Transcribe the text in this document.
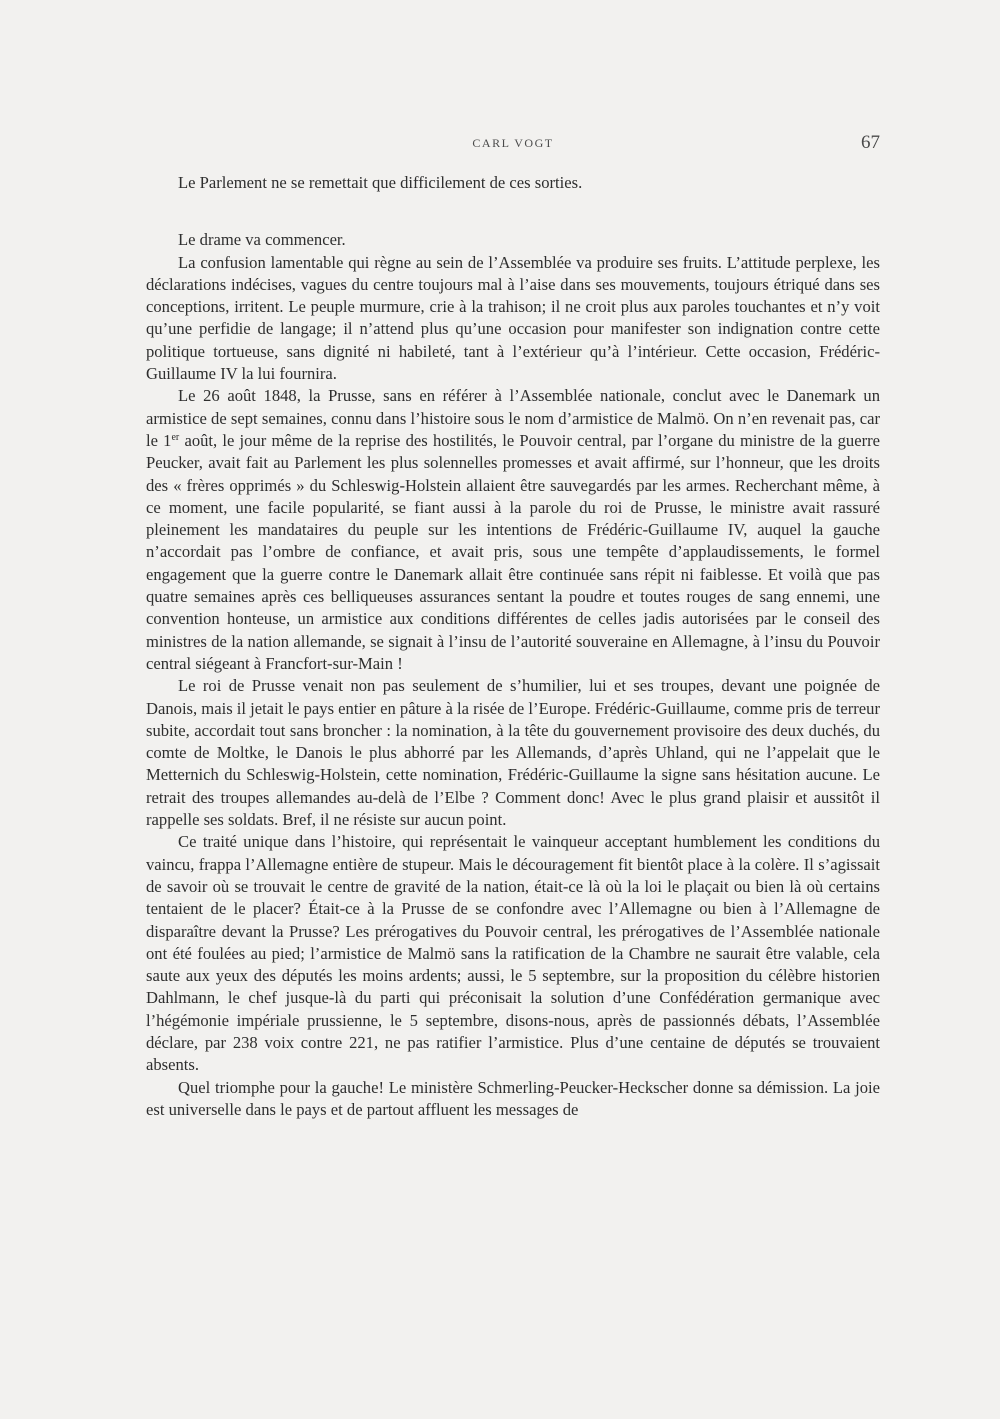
CARL VOGT	67

Le Parlement ne se remettait que difficilement de ces sorties.

Le drame va commencer.

La confusion lamentable qui règne au sein de l’Assemblée va produire ses fruits. L’attitude perplexe, les déclarations indécises, vagues du centre toujours mal à l’aise dans ses mouvements, toujours étriqué dans ses conceptions, irritent. Le peuple murmure, crie à la trahison; il ne croit plus aux paroles touchantes et n’y voit qu’une perfidie de langage; il n’attend plus qu’une occasion pour manifester son indignation contre cette politique tortueuse, sans dignité ni habileté, tant à l’extérieur qu’à l’intérieur. Cette occasion, Frédéric-Guillaume IV la lui fournira.

Le 26 août 1848, la Prusse, sans en référer à l’Assemblée nationale, conclut avec le Danemark un armistice de sept semaines, connu dans l’histoire sous le nom d’armistice de Malmö. On n’en revenait pas, car le 1er août, le jour même de la reprise des hostilités, le Pouvoir central, par l’organe du ministre de la guerre Peucker, avait fait au Parlement les plus solennelles promesses et avait affirmé, sur l’honneur, que les droits des « frères opprimés » du Schleswig-Holstein allaient être sauvegardés par les armes. Recherchant même, à ce moment, une facile popularité, se fiant aussi à la parole du roi de Prusse, le ministre avait rassuré pleinement les mandataires du peuple sur les intentions de Frédéric-Guillaume IV, auquel la gauche n’accordait pas l’ombre de confiance, et avait pris, sous une tempête d’applaudissements, le formel engagement que la guerre contre le Danemark allait être continuée sans répit ni faiblesse. Et voilà que pas quatre semaines après ces belliqueuses assurances sentant la poudre et toutes rouges de sang ennemi, une convention honteuse, un armistice aux conditions différentes de celles jadis autorisées par le conseil des ministres de la nation allemande, se signait à l’insu de l’autorité souveraine en Allemagne, à l’insu du Pouvoir central siégeant à Francfort-sur-Main !

Le roi de Prusse venait non pas seulement de s’humilier, lui et ses troupes, devant une poignée de Danois, mais il jetait le pays entier en pâture à la risée de l’Europe. Frédéric-Guillaume, comme pris de terreur subite, accordait tout sans broncher : la nomination, à la tête du gouvernement provisoire des deux duchés, du comte de Moltke, le Danois le plus abhorré par les Allemands, d’après Uhland, qui ne l’appelait que le Metternich du Schleswig-Holstein, cette nomination, Frédéric-Guillaume la signe sans hésitation aucune. Le retrait des troupes allemandes au-delà de l’Elbe ? Comment donc! Avec le plus grand plaisir et aussitôt il rappelle ses soldats. Bref, il ne résiste sur aucun point.

Ce traité unique dans l’histoire, qui représentait le vainqueur acceptant humblement les conditions du vaincu, frappa l’Allemagne entière de stupeur. Mais le découragement fit bientôt place à la colère. Il s’agissait de savoir où se trouvait le centre de gravité de la nation, était-ce là où la loi le plaçait ou bien là où certains tentaient de le placer? Était-ce à la Prusse de se confondre avec l’Allemagne ou bien à l’Allemagne de disparaître devant la Prusse? Les prérogatives du Pouvoir central, les prérogatives de l’Assemblée nationale ont été foulées au pied; l’armistice de Malmö sans la ratification de la Chambre ne saurait être valable, cela saute aux yeux des députés les moins ardents; aussi, le 5 septembre, sur la proposition du célèbre historien Dahlmann, le chef jusque-là du parti qui préconisait la solution d’une Confédération germanique avec l’hégémonie impériale prussienne, le 5 septembre, disons-nous, après de passionnés débats, l’Assemblée déclare, par 238 voix contre 221, ne pas ratifier l’armistice. Plus d’une centaine de députés se trouvaient absents.

Quel triomphe pour la gauche! Le ministère Schmerling-Peucker-Heckscher donne sa démission. La joie est universelle dans le pays et de partout affluent les messages de
